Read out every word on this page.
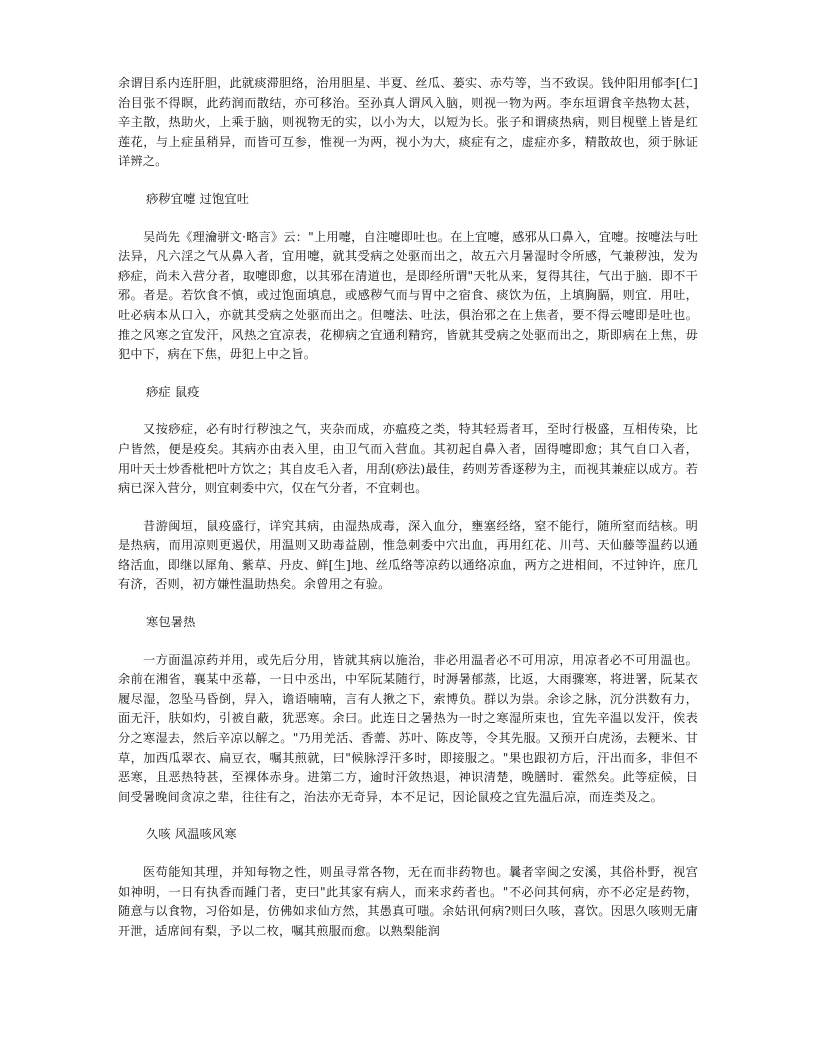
余谓目系内连肝胆，此就痰滞胆络，治用胆星、半夏、丝瓜、蒌实、赤芍等，当不致误。钱仲阳用郁李[仁]治目张不得瞑，此药润而散结，亦可移治。至孙真人谓风入脑，则视一物为两。李东垣谓食辛热物太甚，辛主散，热助火，上乘于脑，则视物无的实，以小为大，以短为长。张子和谓痰热病，则目枧壁上皆是红莲花，与上症虽稍异，而皆可互参，惟视一为两，视小为大，痰症有之，虚症亦多，精散故也，须于脉证详辨之。

痧秽宜嚏 过饱宜吐

吴尚先《理瀹骈文·略言》云："上用嚏，自注嚏即吐也。在上宜嚏，感邪从口鼻入，宜嚏。按嚏法与吐法异，凡六淫之气从鼻入者，宜用嚏，就其受病之处驱而出之，故五六月暑湿时令所感，气兼秽浊，发为痧症，尚未入营分者，取嚏即愈，以其邪在清道也，是即经所谓"天牝从来，复得其往，气出于脑．即不干邪。者是。若饮食不慎，或过饱面填息，或感秽气而与胃中之宿食、痰饮为伍，上填胸膈，则宜．用吐，吐必病本从口入，亦就其受病之处驱而出之。但嚏法、吐法，俱治邪之在上焦者，要不得云嚏即是吐也。推之风寒之宜发汗，风热之宜凉表，花柳病之宜通利精窍，皆就其受病之处驱而出之，斯即病在上焦，毋犯中下，病在下焦，毋犯上中之旨。

痧症 鼠疫

又按痧症，必有时行秽浊之气，夹杂而成，亦瘟疫之类，特其轻焉者耳，至时行极盛，互相传染，比户皆然，便是疫矣。其病亦由表入里，由卫气而入营血。其初起自鼻入者，固得嚏即愈；其气自口入者，用叶天士炒香枇杷叶方饮之；其自皮毛入者，用刮(痧法)最佳，药则芳香逐秽为主，而视其兼症以成方。若病已深入营分，则宜刺委中穴，仅在气分者，不宜刺也。

昔游闽垣，鼠疫盛行，详究其病，由湿热成毒，深入血分，壅塞经络，窒不能行，随所窒而结核。明是热病，而用凉则更遏伏，用温则又助毒益剧，惟急刺委中穴出血，再用红花、川芎、天仙藤等温药以通络活血，即继以犀角、紫草、丹皮、鲜[生]地、丝瓜络等凉药以通络凉血，两方之进相间，不过钟许，庶几有济，否则，初方嫌性温助热矣。余曾用之有验。

寒包暑热

一方面温凉药并用，或先后分用，皆就其病以施治，非必用温者必不可用凉，用凉者必不可用温也。余前在湘省，襄某中丞幕，一日中丞出，中军阮某随行，时溽暑郁蒸，比返，大雨骤寒，将进署，阮某衣履尽湿，忽坠马昏倒，舁入，谵语喃喃，言有人揪之下，索博负。群以为祟。余诊之脉，沉分洪数有力，面无汗，肤如灼，引被自蔽，犹恶寒。余曰。此连日之暑热为一时之寒湿所束也，宜先辛温以发汗，俟表分之寒湿去，然后辛凉以解之。"乃用羌活、香薷、苏叶、陈皮等，令其先服。又预开白虎汤，去粳米、甘草，加西瓜翠衣、扁豆衣，嘱其煎就，曰"候脉浮汗多时，即接服之。"果也跟初方后，汗出而多，非但不恶寒，且恶热特甚，至裸体赤身。进第二方，逾时汗敛热退，神识清楚，晚膳时．霍然矣。此等症候，日间受暑晚间贪凉之辈，往往有之，治法亦无奇异，本不足记，因论鼠疫之宜先温后凉，而连类及之。

久咳 风温咳风寒

医苟能知其理，并知每物之性，则虽寻常各物，无在而非药物也。曩者宰闽之安溪，其俗朴野，视宫如神明，一日有执香而踵门者，吏曰"此其家有病人，而来求药者也。"不必问其何病，亦不必定是药物，随意与以食物，习俗如是，仿佛如求仙方然，其愚真可嗤。余姑讯何病?则曰久咳，喜饮。因思久咳则无庸开泄，适席间有梨，予以二枚，嘱其煎服而愈。以熟梨能润
